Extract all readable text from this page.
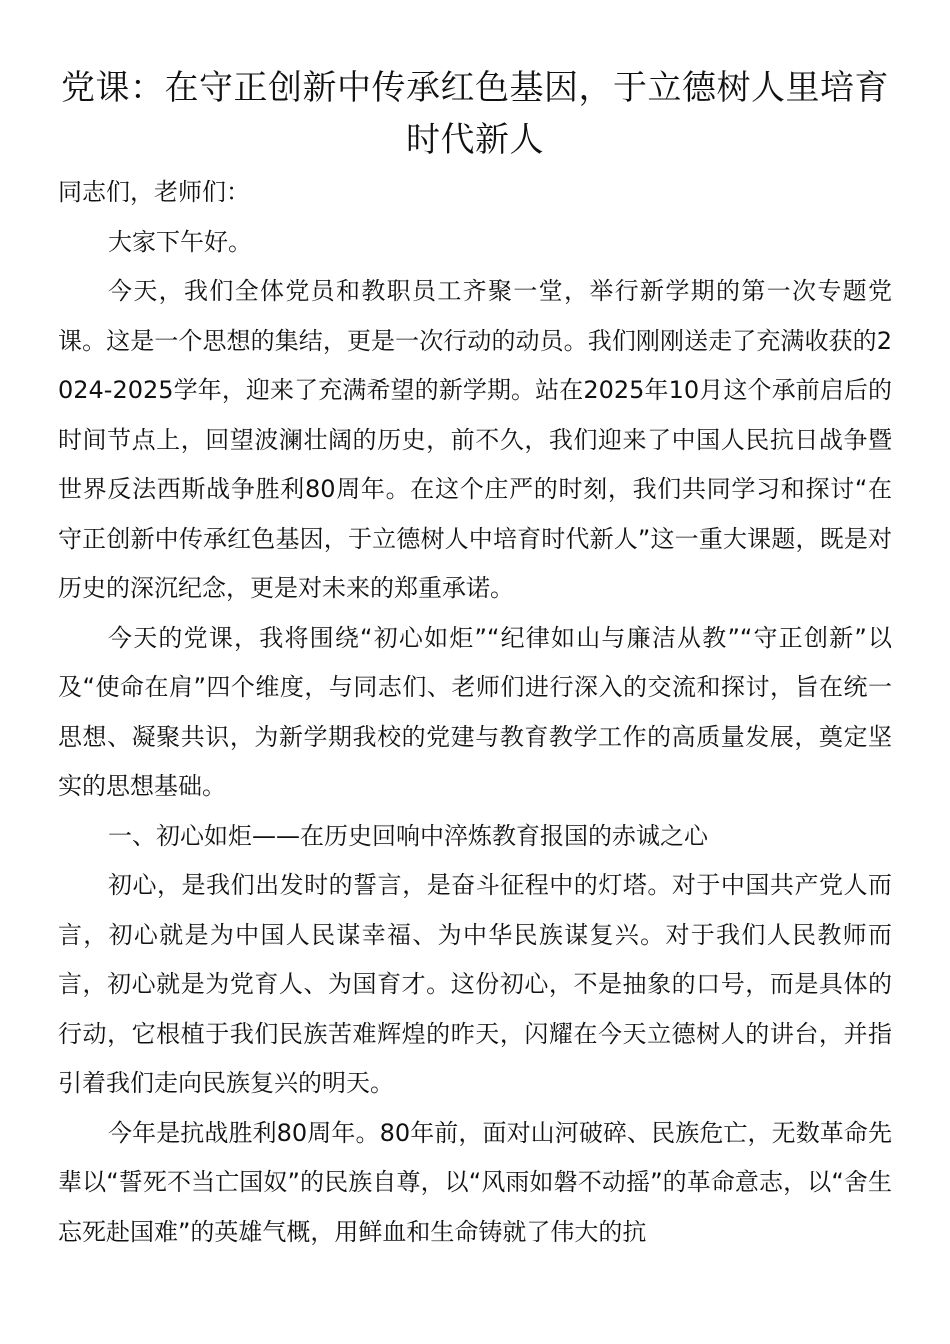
党课：在守正创新中传承红色基因，于立德树人里培育时代新人

同志们，老师们：

大家下午好。

今天，我们全体党员和教职员工齐聚一堂，举行新学期的第一次专题党课。这是一个思想的集结，更是一次行动的动员。我们刚刚送走了充满收获的2024-2025学年，迎来了充满希望的新学期。站在2025年10月这个承前启后的时间节点上，回望波澜壮阔的历史，前不久，我们迎来了中国人民抗日战争暨世界反法西斯战争胜利80周年。在这个庄严的时刻，我们共同学习和探讨“在守正创新中传承红色基因，于立德树人中培育时代新人”这一重大课题，既是对历史的深沉纪念，更是对未来的郑重承诺。

今天的党课，我将围绕“初心如炬”“纪律如山与廉洁从教”“守正创新”以及“使命在肩”四个维度，与同志们、老师们进行深入的交流和探讨，旨在统一思想、凝聚共识，为新学期我校的党建与教育教学工作的高质量发展，奠定坚实的思想基础。

一、初心如炬——在历史回响中淬炼教育报国的赤诚之心

初心，是我们出发时的誓言，是奋斗征程中的灯塔。对于中国共产党人而言，初心就是为中国人民谋幸福、为中华民族谋复兴。对于我们人民教师而言，初心就是为党育人、为国育才。这份初心，不是抽象的口号，而是具体的行动，它根植于我们民族苦难辉煌的昨天，闪耀在今天立德树人的讲台，并指引着我们走向民族复兴的明天。

今年是抗战胜利80周年。80年前，面对山河破碎、民族危亡，无数革命先辈以“誓死不当亡国奴”的民族自尊，以“风雨如磐不动摇”的革命意志，以“舍生忘死赴国难”的英雄气概，用鲜血和生命铸就了伟大的抗
